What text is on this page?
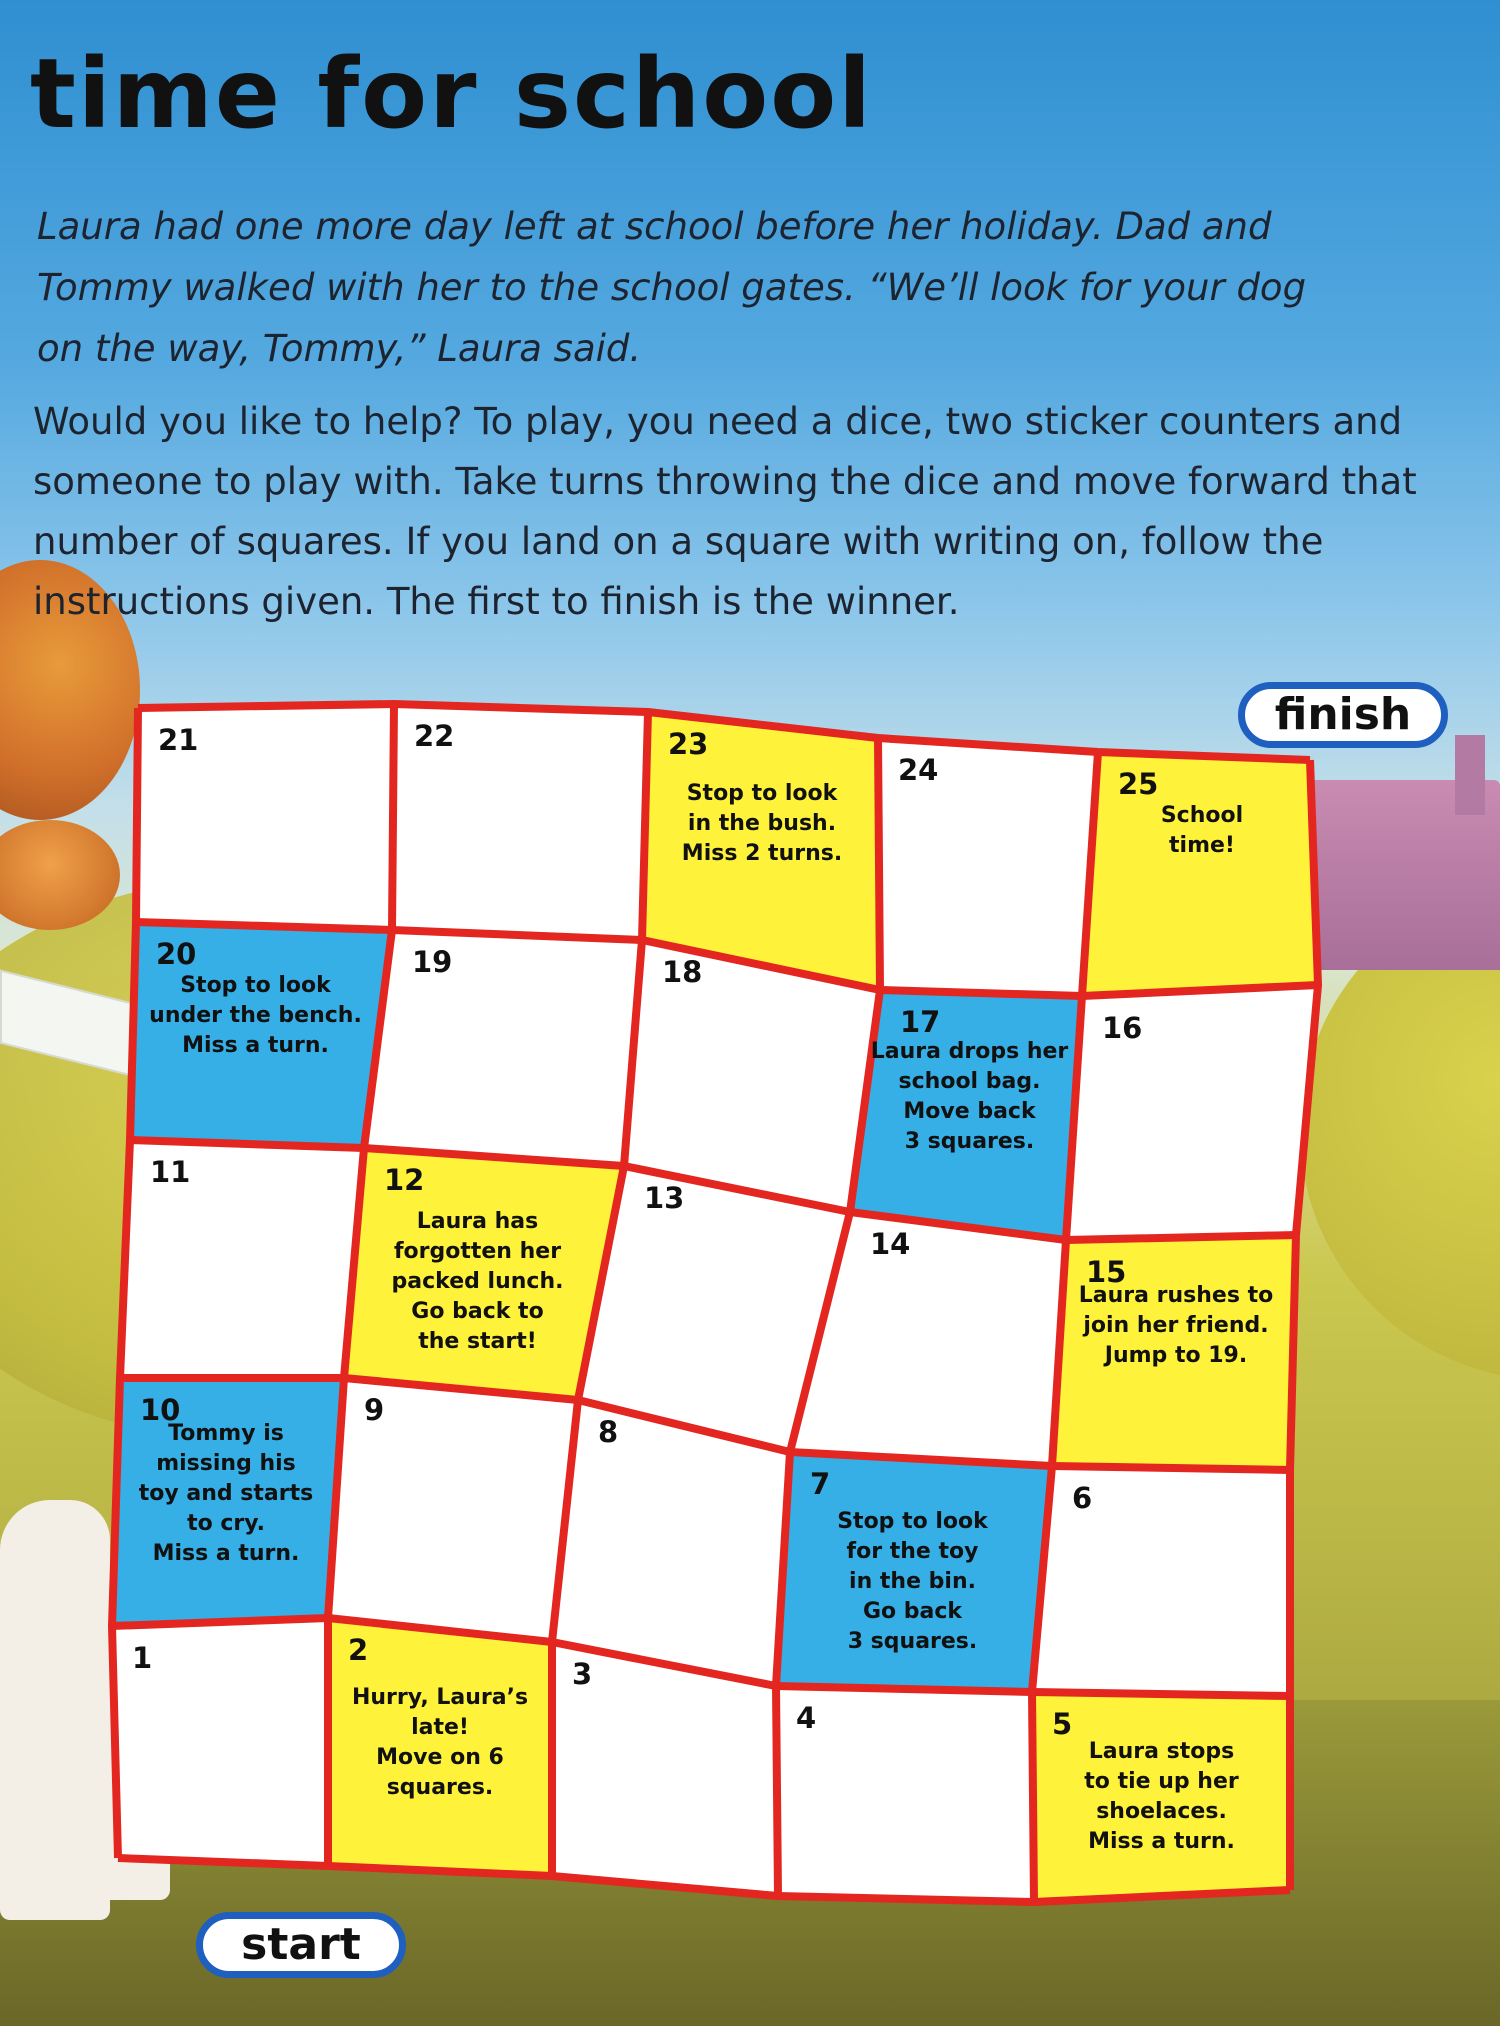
time for school

Laura had one more day left at school before her holiday. Dad and Tommy walked with her to the school gates. “We’ll look for your dog on the way, Tommy,” Laura said.

Would you like to help? To play, you need a dice, two sticker counters and someone to play with. Take turns throwing the dice and move forward that number of squares. If you land on a square with writing on, follow the instructions given. The first to finish is the winner.

1	2
Hurry, Laura’s late! Move on 6 squares.
3
4	5
Laura stops to tie up her shoelaces. Miss a turn.
6
7
Stop to look for the toy in the bin. Go back 3 squares.
8
9
10
Tommy is missing his toy and starts to cry. Miss a turn.
11	12
Laura has forgotten her packed lunch. Go back to the start!
13
14
15
Laura rushes to join her friend. Jump to 19.
16
17
Laura drops her school bag. Move back 3 squares.
18
19
20
Stop to look under the bench. Miss a turn.
21	22	23
Stop to look in the bush. Miss 2 turns.
24	25
School time!
finish
start
